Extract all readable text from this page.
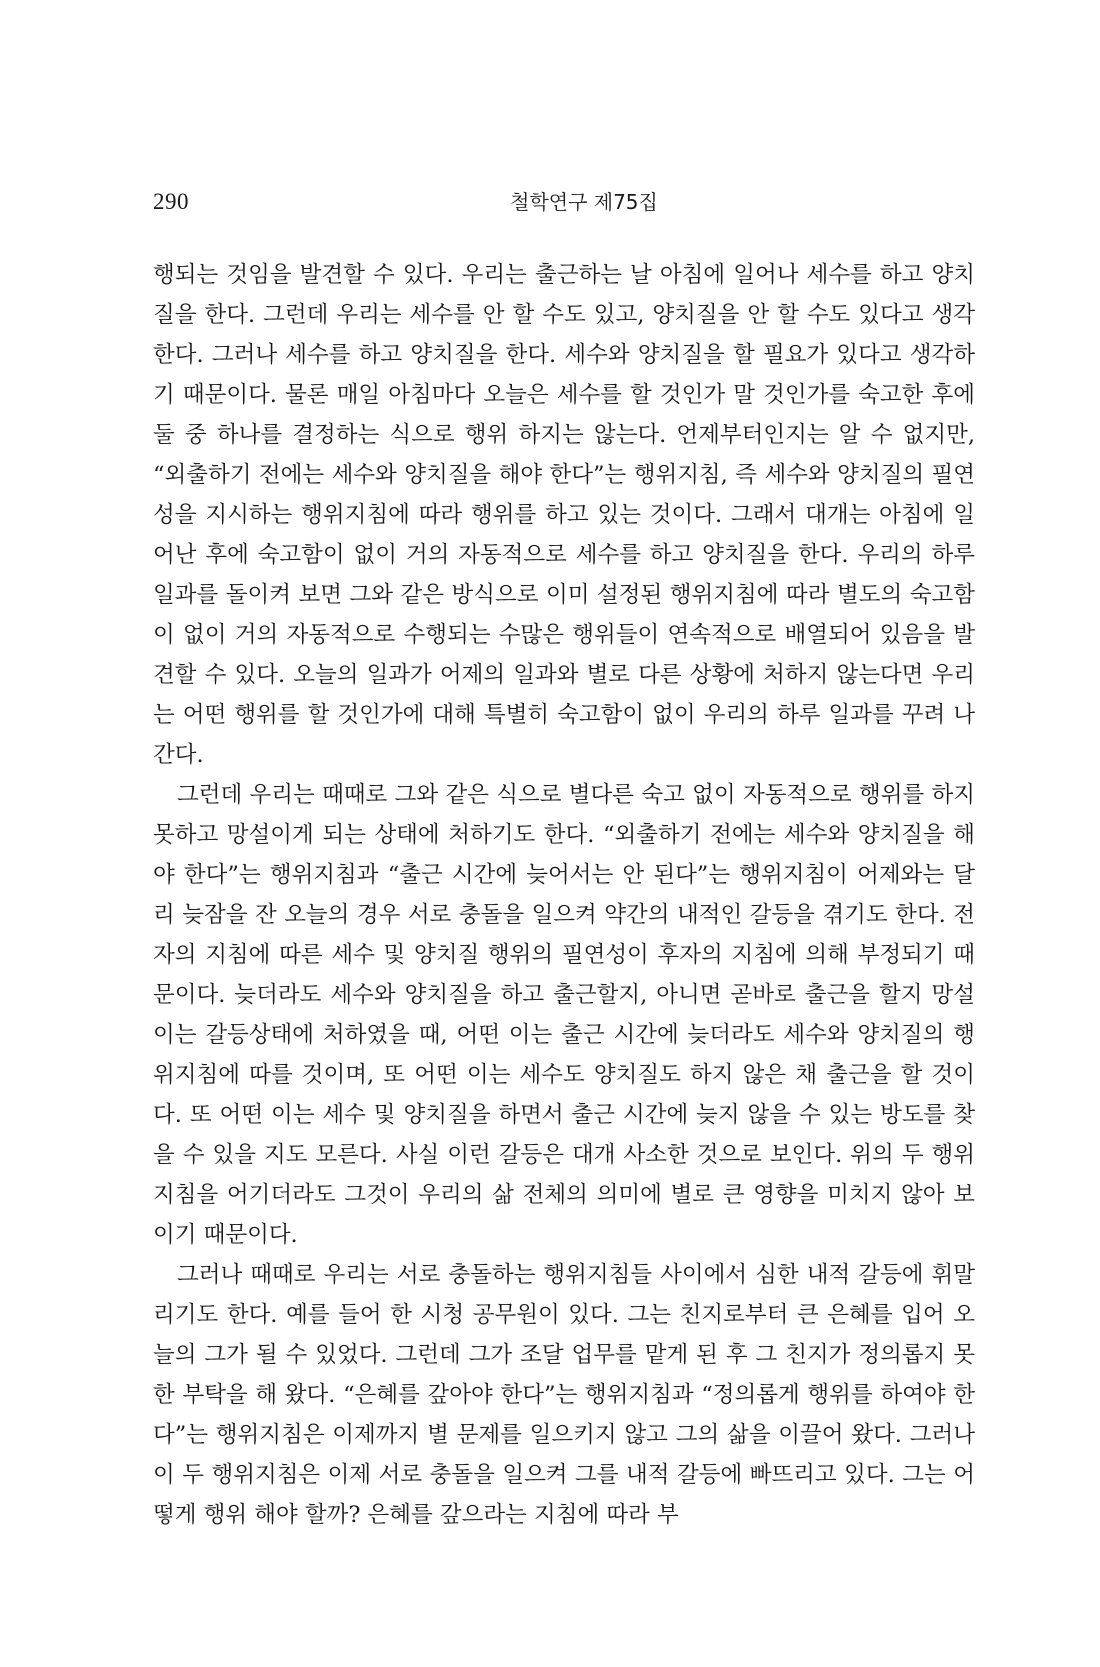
290	철학연구 제75집

행되는 것임을 발견할 수 있다. 우리는 출근하는 날 아침에 일어나 세수를 하고 양치질을 한다. 그런데 우리는 세수를 안 할 수도 있고, 양치질을 안 할 수도 있다고 생각한다. 그러나 세수를 하고 양치질을 한다. 세수와 양치질을 할 필요가 있다고 생각하기 때문이다. 물론 매일 아침마다 오늘은 세수를 할 것인가 말 것인가를 숙고한 후에 둘 중 하나를 결정하는 식으로 행위 하지는 않는다. 언제부터인지는 알 수 없지만, “외출하기 전에는 세수와 양치질을 해야 한다”는 행위지침, 즉 세수와 양치질의 필연성을 지시하는 행위지침에 따라 행위를 하고 있는 것이다. 그래서 대개는 아침에 일어난 후에 숙고함이 없이 거의 자동적으로 세수를 하고 양치질을 한다. 우리의 하루 일과를 돌이켜 보면 그와 같은 방식으로 이미 설정된 행위지침에 따라 별도의 숙고함이 없이 거의 자동적으로 수행되는 수많은 행위들이 연속적으로 배열되어 있음을 발견할 수 있다. 오늘의 일과가 어제의 일과와 별로 다른 상황에 처하지 않는다면 우리는 어떤 행위를 할 것인가에 대해 특별히 숙고함이 없이 우리의 하루 일과를 꾸려 나간다.

그런데 우리는 때때로 그와 같은 식으로 별다른 숙고 없이 자동적으로 행위를 하지 못하고 망설이게 되는 상태에 처하기도 한다. “외출하기 전에는 세수와 양치질을 해야 한다”는 행위지침과 “출근 시간에 늦어서는 안 된다”는 행위지침이 어제와는 달리 늦잠을 잔 오늘의 경우 서로 충돌을 일으켜 약간의 내적인 갈등을 겪기도 한다. 전자의 지침에 따른 세수 및 양치질 행위의 필연성이 후자의 지침에 의해 부정되기 때문이다. 늦더라도 세수와 양치질을 하고 출근할지, 아니면 곧바로 출근을 할지 망설이는 갈등상태에 처하였을 때, 어떤 이는 출근 시간에 늦더라도 세수와 양치질의 행위지침에 따를 것이며, 또 어떤 이는 세수도 양치질도 하지 않은 채 출근을 할 것이다. 또 어떤 이는 세수 및 양치질을 하면서 출근 시간에 늦지 않을 수 있는 방도를 찾을 수 있을 지도 모른다. 사실 이런 갈등은 대개 사소한 것으로 보인다. 위의 두 행위지침을 어기더라도 그것이 우리의 삶 전체의 의미에 별로 큰 영향을 미치지 않아 보이기 때문이다.

그러나 때때로 우리는 서로 충돌하는 행위지침들 사이에서 심한 내적 갈등에 휘말리기도 한다. 예를 들어 한 시청 공무원이 있다. 그는 친지로부터 큰 은혜를 입어 오늘의 그가 될 수 있었다. 그런데 그가 조달 업무를 맡게 된 후 그 친지가 정의롭지 못한 부탁을 해 왔다. “은혜를 갚아야 한다”는 행위지침과 “정의롭게 행위를 하여야 한다”는 행위지침은 이제까지 별 문제를 일으키지 않고 그의 삶을 이끌어 왔다. 그러나 이 두 행위지침은 이제 서로 충돌을 일으켜 그를 내적 갈등에 빠뜨리고 있다. 그는 어떻게 행위 해야 할까? 은혜를 갚으라는 지침에 따라 부
